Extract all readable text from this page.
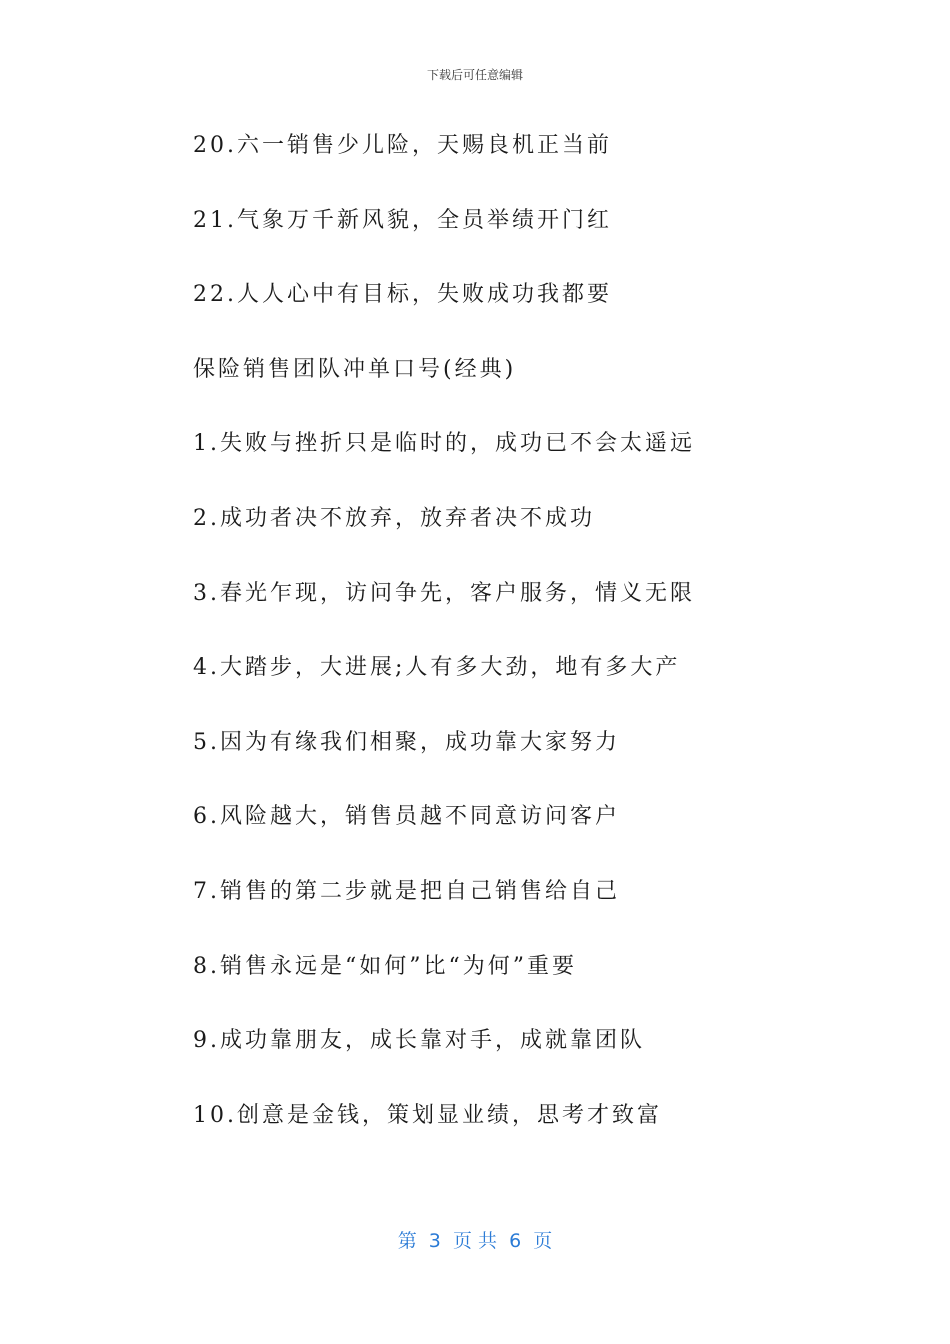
下载后可任意编辑
20.六一销售少儿险，天赐良机正当前
21.气象万千新风貌，全员举绩开门红
22.人人心中有目标，失败成功我都要
保险销售团队冲单口号(经典)
1.失败与挫折只是临时的，成功已不会太遥远
2.成功者决不放弃，放弃者决不成功
3.春光乍现，访问争先，客户服务，情义无限
4.大踏步，大进展;人有多大劲，地有多大产
5.因为有缘我们相聚，成功靠大家努力
6.风险越大，销售员越不同意访问客户
7.销售的第二步就是把自己销售给自己
8.销售永远是“如何”比“为何”重要
9.成功靠朋友，成长靠对手，成就靠团队
10.创意是金钱，策划显业绩，思考才致富
第  3  页 共  6  页
